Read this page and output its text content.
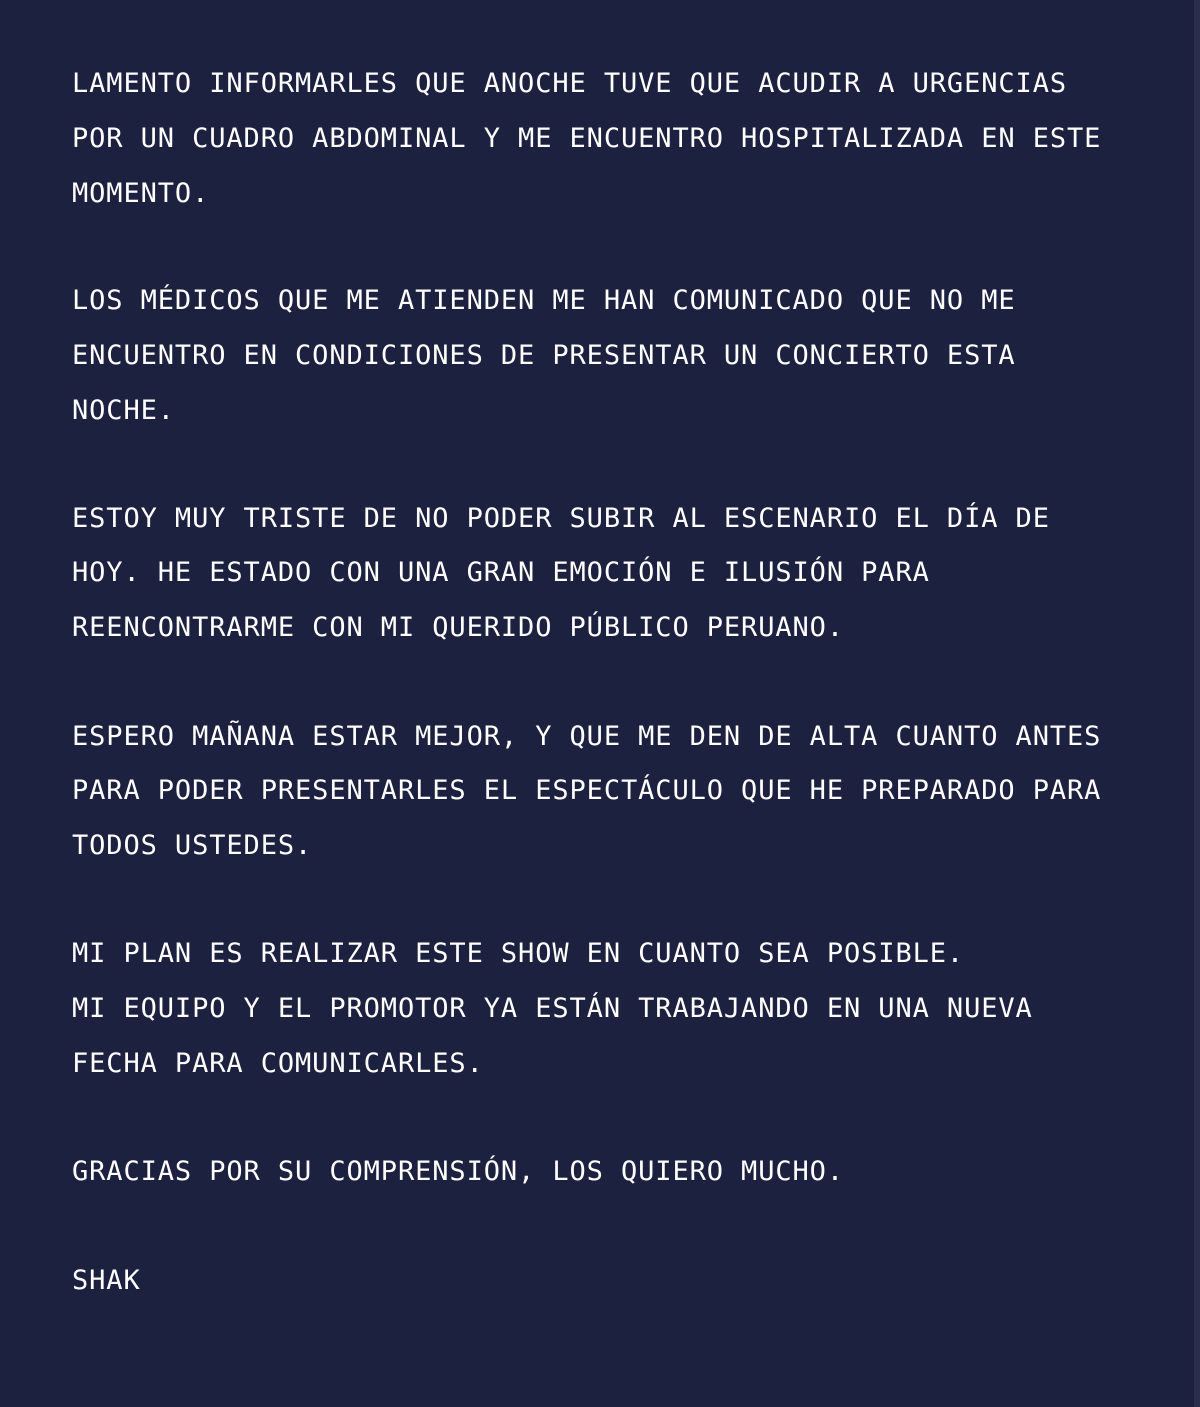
LAMENTO INFORMARLES QUE ANOCHE TUVE QUE ACUDIR A URGENCIAS

POR UN CUADRO ABDOMINAL Y ME ENCUENTRO HOSPITALIZADA EN ESTE

MOMENTO.

LOS MÉDICOS QUE ME ATIENDEN ME HAN COMUNICADO QUE NO ME

ENCUENTRO EN CONDICIONES DE PRESENTAR UN CONCIERTO ESTA

NOCHE.

ESTOY MUY TRISTE DE NO PODER SUBIR AL ESCENARIO EL DÍA DE

HOY. HE ESTADO CON UNA GRAN EMOCIÓN E ILUSIÓN PARA

REENCONTRARME CON MI QUERIDO PÚBLICO PERUANO.

ESPERO MAÑANA ESTAR MEJOR, Y QUE ME DEN DE ALTA CUANTO ANTES

PARA PODER PRESENTARLES EL ESPECTÁCULO QUE HE PREPARADO PARA

TODOS USTEDES.

MI PLAN ES REALIZAR ESTE SHOW EN CUANTO SEA POSIBLE.

MI EQUIPO Y EL PROMOTOR YA ESTÁN TRABAJANDO EN UNA NUEVA

FECHA PARA COMUNICARLES.

GRACIAS POR SU COMPRENSIÓN, LOS QUIERO MUCHO.

SHAK
